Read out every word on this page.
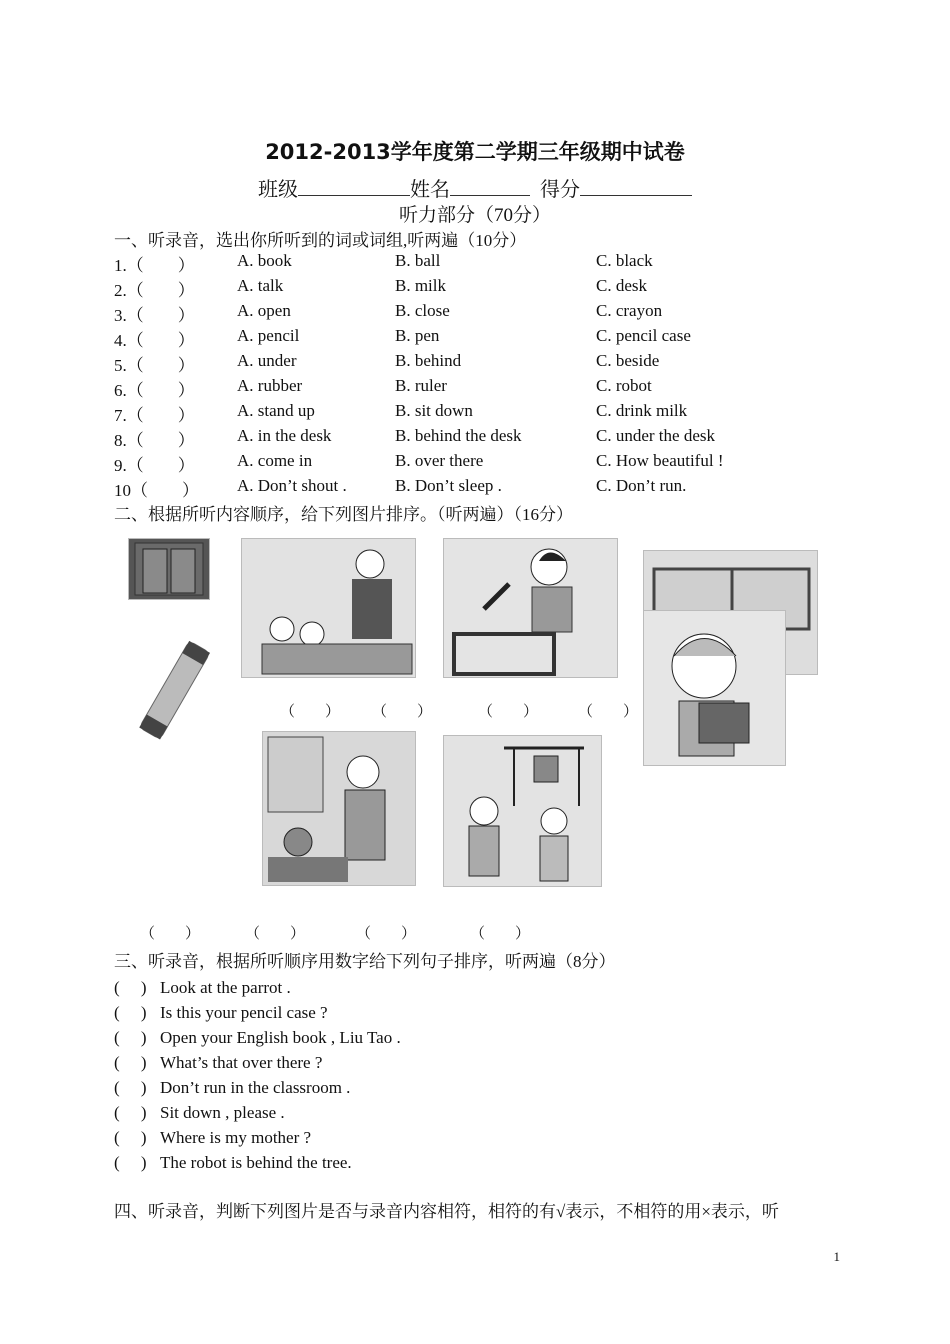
2012-2013学年度第二学期三年级期中试卷
班级	姓名	得分
听力部分（70分）
一、听录音，选出你所听到的词或词组,听两遍（10分）
1.（　　） A. book	B. ball	C. black
2.（　　） A. talk	B. milk	C. desk
3.（　　） A. open	B. close	C. crayon
4.（　　） A. pencil	B. pen	C. pencil case
5.（　　） A. under	B. behind	C. beside
6.（　　） A. rubber	B. ruler	C. robot
7.（　　） A. stand up	B. sit down	C. drink milk
8.（　　） A. in the desk	B. behind the desk	C. under the desk
9.（　　） A. come in	B. over there	C. How beautiful !
10（　　） A. Don’t shout .	B. Don’t sleep .	C. Don’t run.
二、根据所听内容顺序，给下列图片排序。（听两遍）（16分）
（　　） （　　）	（　　）	（　　）
（　　）	（　　）	（　　）	（　　）
三、听录音，根据所听顺序用数字给下列句子排序，听两遍（8分）
(　 ) Look at the parrot .
(　 ) Is this your pencil case ?
(　 ) Open your English book , Liu Tao .
(　 ) What’s that over there ?
(　 ) Don’t run in the classroom .
(　 ) Sit down , please .
(　 ) Where is my mother ?
(　 ) The robot is behind the tree.
四、听录音，判断下列图片是否与录音内容相符，相符的有√表示，不相符的用×表示，听
1
